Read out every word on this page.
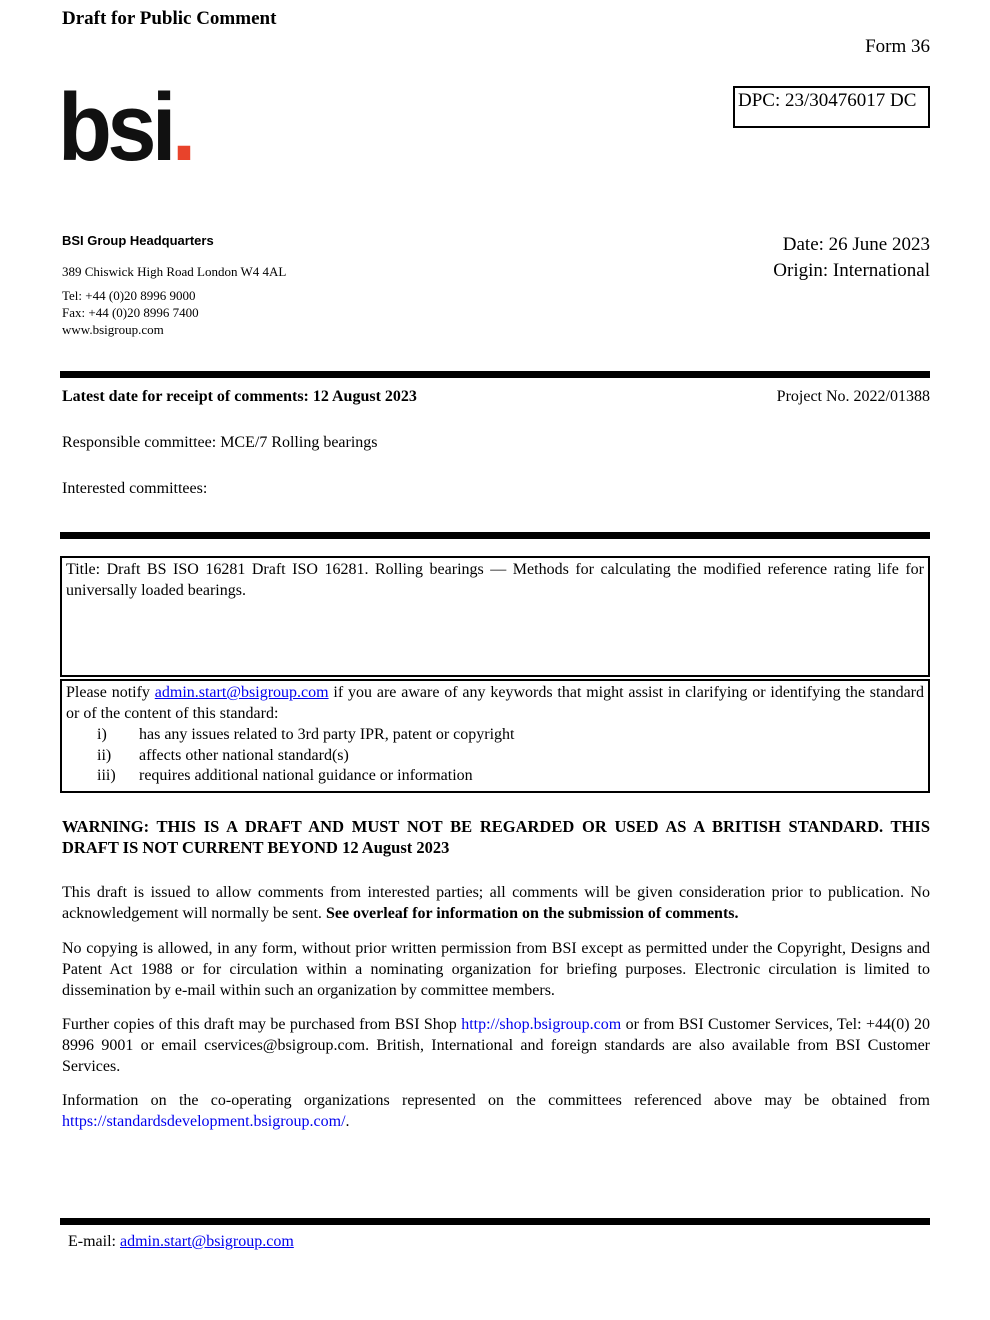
Draft for Public Comment
Form 36
DPC: 23/30476017 DC
bsi.
BSI Group Headquarters
389 Chiswick High Road London W4 4AL
Tel: +44 (0)20 8996 9000
Fax: +44 (0)20 8996 7400
www.bsigroup.com
Date: 26 June 2023
Origin: International
Latest date for receipt of comments: 12 August 2023	Project No. 2022/01388
Responsible committee: MCE/7 Rolling bearings
Interested committees:
Title: Draft BS ISO 16281 Draft ISO 16281. Rolling bearings — Methods for calculating the modified reference rating life for universally loaded bearings.
Please notify admin.start@bsigroup.com if you are aware of any keywords that might assist in clarifying or identifying the standard or of the content of this standard:
i)	has any issues related to 3rd party IPR, patent or copyright
ii)	affects other national standard(s)
iii)	requires additional national guidance or information
WARNING: THIS IS A DRAFT AND MUST NOT BE REGARDED OR USED AS A BRITISH STANDARD. THIS DRAFT IS NOT CURRENT BEYOND 12 August 2023
This draft is issued to allow comments from interested parties; all comments will be given consideration prior to publication. No acknowledgement will normally be sent. See overleaf for information on the submission of comments.
No copying is allowed, in any form, without prior written permission from BSI except as permitted under the Copyright, Designs and Patent Act 1988 or for circulation within a nominating organization for briefing purposes. Electronic circulation is limited to dissemination by e-mail within such an organization by committee members.
Further copies of this draft may be purchased from BSI Shop http://shop.bsigroup.com or from BSI Customer Services, Tel: +44(0) 20 8996 9001 or email cservices@bsigroup.com. British, International and foreign standards are also available from BSI Customer Services.
Information on the co-operating organizations represented on the committees referenced above may be obtained from https://standardsdevelopment.bsigroup.com/.
E-mail: admin.start@bsigroup.com
